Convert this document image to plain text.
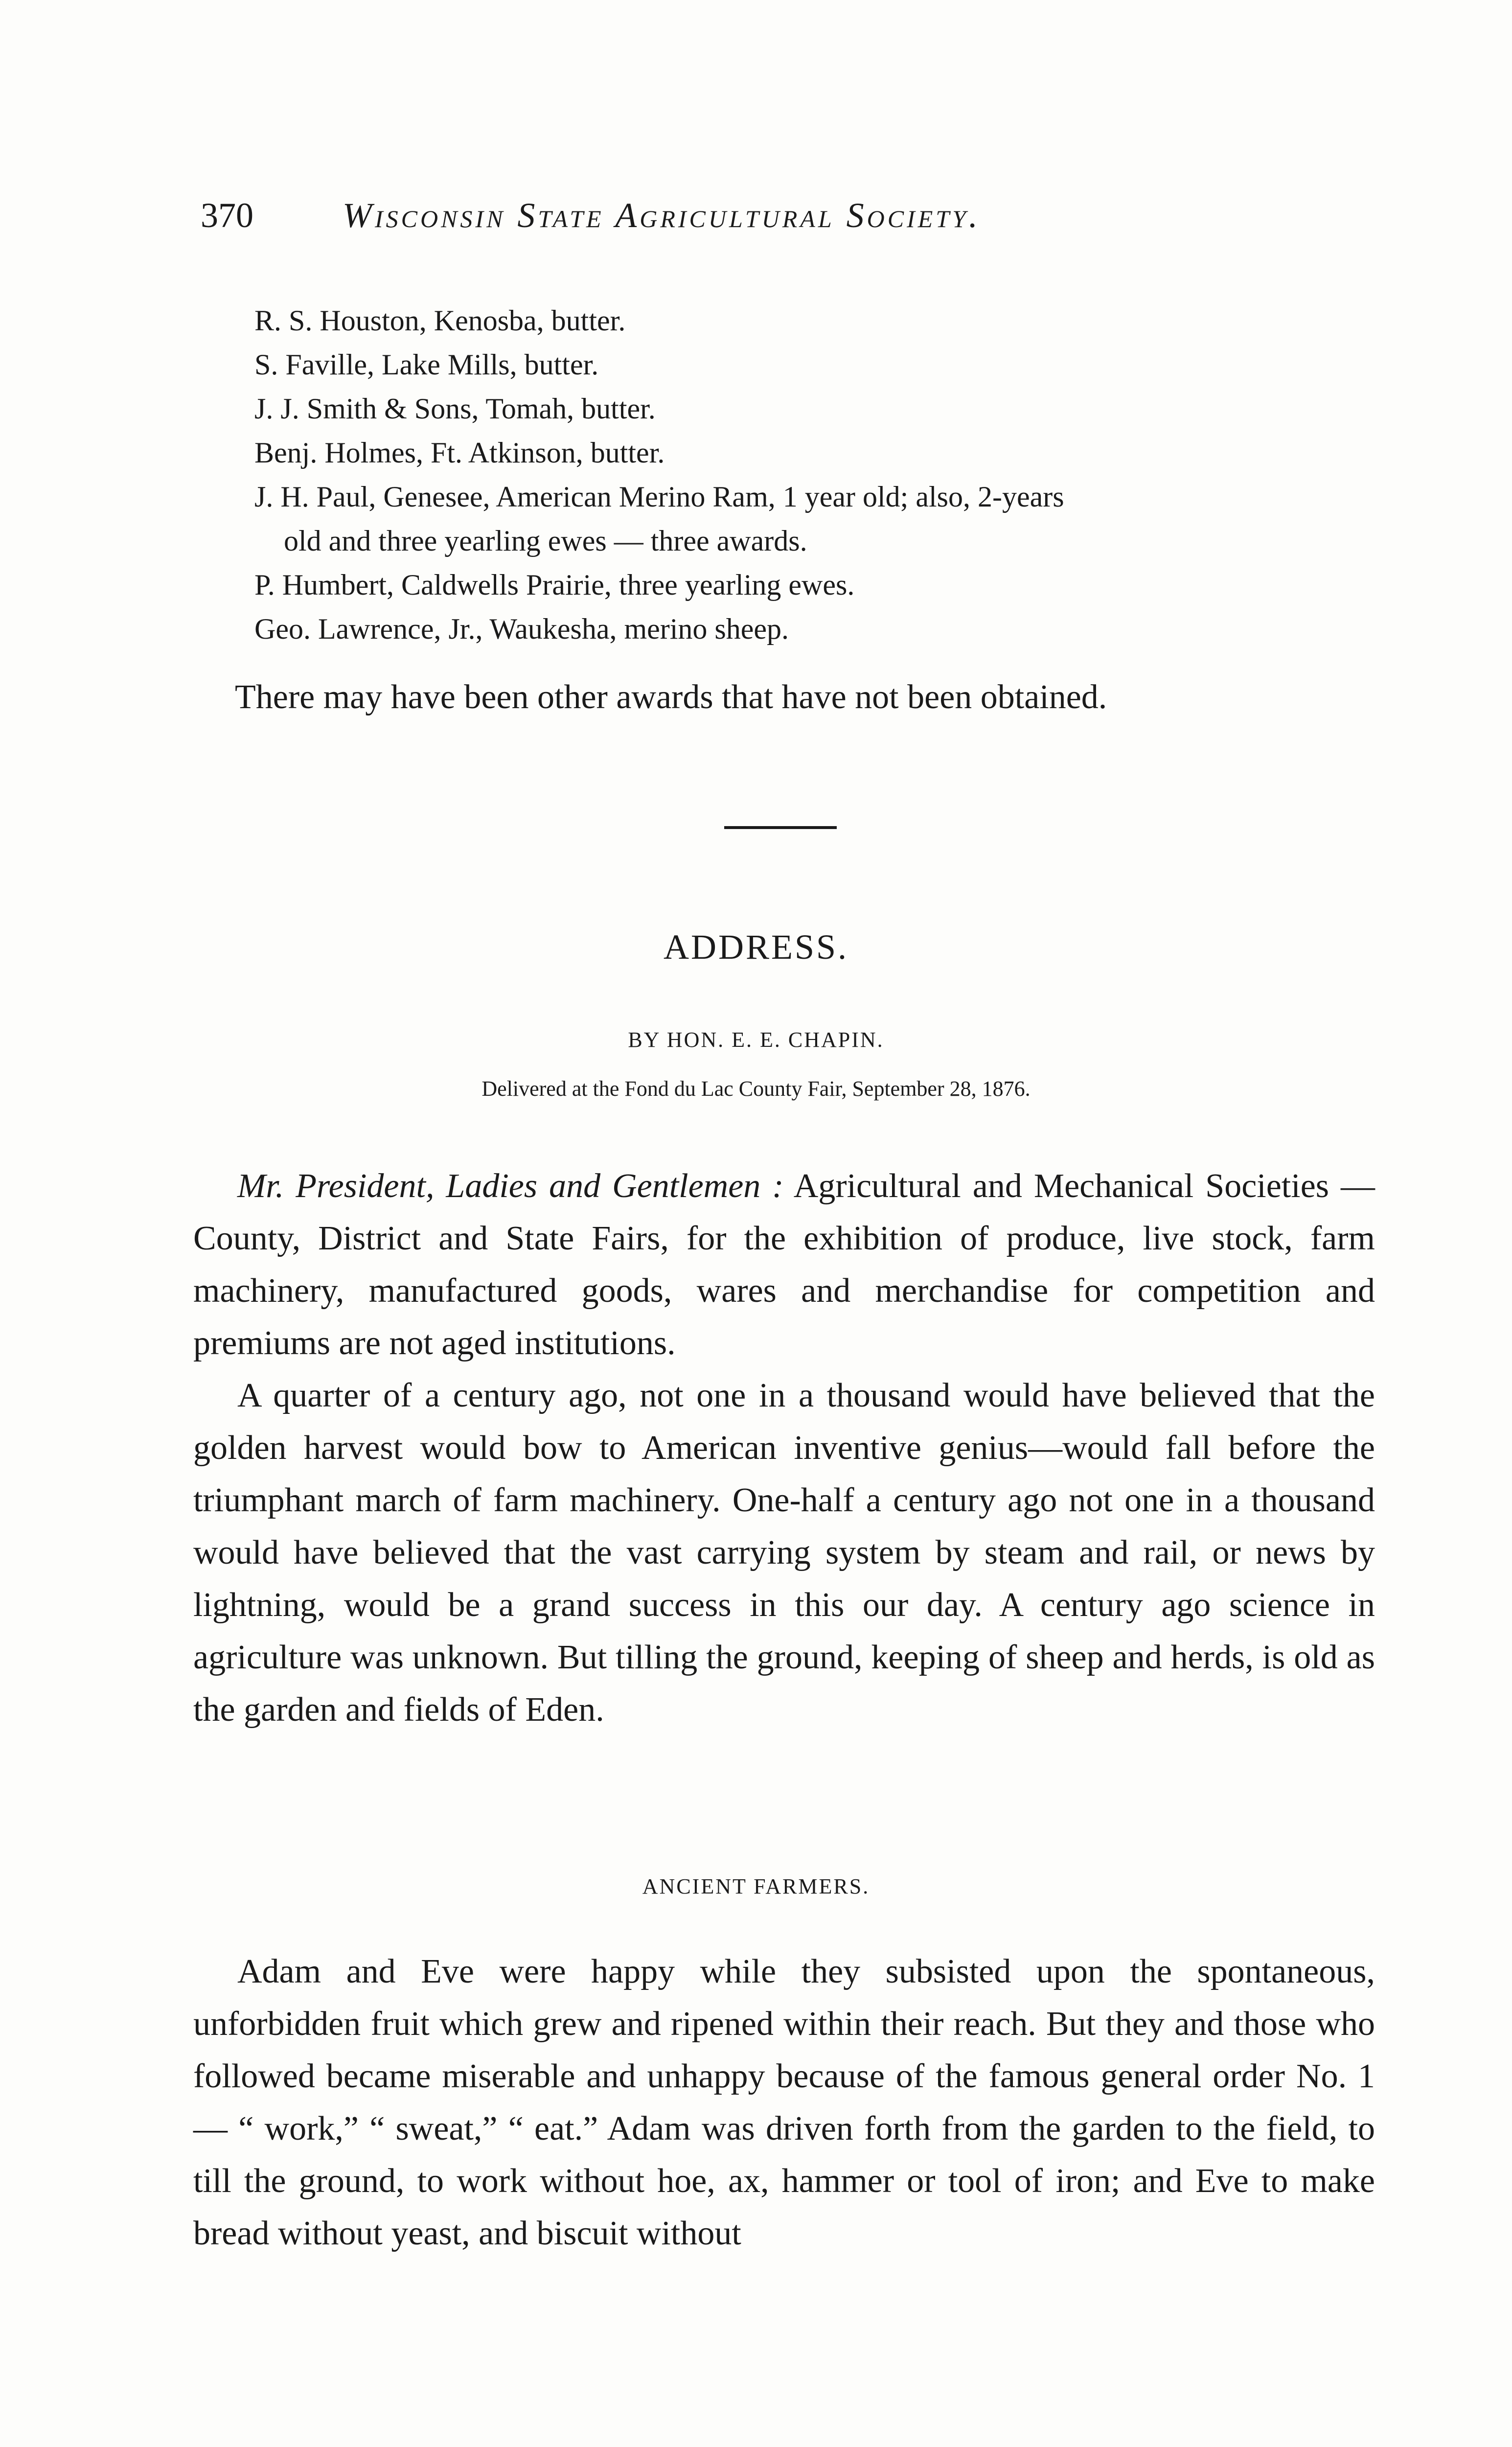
370	Wisconsin State Agricultural Society.
R. S. Houston, Kenosba, butter.
S. Faville, Lake Mills, butter.
J. J. Smith & Sons, Tomah, butter.
Benj. Holmes, Ft. Atkinson, butter.
J. H. Paul, Genesee, American Merino Ram, 1 year old; also, 2-years
old and three yearling ewes — three awards.
P. Humbert, Caldwells Prairie, three yearling ewes.
Geo. Lawrence, Jr., Waukesha, merino sheep.
There may have been other awards that have not been obtained.
ADDRESS.
BY HON. E. E. CHAPIN.
Delivered at the Fond du Lac County Fair, September 28, 1876.

Mr. President, Ladies and Gentlemen : Agricultural and Mechanical Societies — County, District and State Fairs, for the exhibition of produce, live stock, farm machinery, manufactured goods, wares and merchandise for competition and premiums are not aged institutions.

A quarter of a century ago, not one in a thousand would have believed that the golden harvest would bow to American inventive genius—would fall before the triumphant march of farm machinery. One-half a century ago not one in a thousand would have believed that the vast carrying system by steam and rail, or news by lightning, would be a grand success in this our day. A century ago science in agriculture was unknown. But tilling the ground, keeping of sheep and herds, is old as the garden and fields of Eden.

ANCIENT FARMERS.

Adam and Eve were happy while they subsisted upon the spontaneous, unforbidden fruit which grew and ripened within their reach. But they and those who followed became miserable and unhappy because of the famous general order No. 1 — “ work,” “ sweat,” “ eat.” Adam was driven forth from the garden to the field, to till the ground, to work without hoe, ax, hammer or tool of iron; and Eve to make bread without yeast, and biscuit without
